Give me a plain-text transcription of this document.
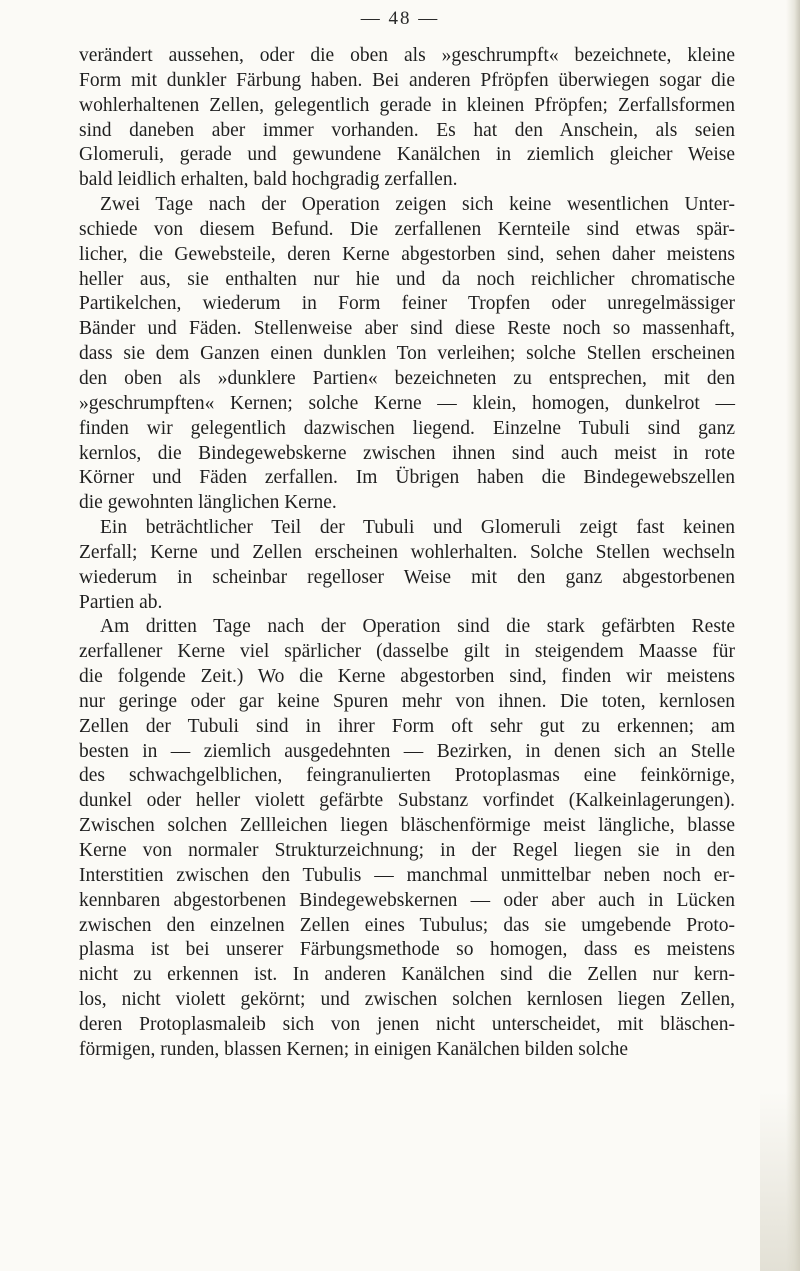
— 48 —
verändert aussehen, oder die oben als »geschrumpft« bezeichnete, kleine
Form mit dunkler Färbung haben. Bei anderen Pfröpfen überwiegen sogar die
wohlerhaltenen Zellen, gelegentlich gerade in kleinen Pfröpfen; Zerfallsformen
sind daneben aber immer vorhanden. Es hat den Anschein, als seien
Glomeruli, gerade und gewundene Kanälchen in ziemlich gleicher Weise
bald leidlich erhalten, bald hochgradig zerfallen.
Zwei Tage nach der Operation zeigen sich keine wesentlichen Unter-
schiede von diesem Befund. Die zerfallenen Kernteile sind etwas spär-
licher, die Gewebsteile, deren Kerne abgestorben sind, sehen daher meistens
heller aus, sie enthalten nur hie und da noch reichlicher chromatische
Partikelchen, wiederum in Form feiner Tropfen oder unregelmässiger
Bänder und Fäden. Stellenweise aber sind diese Reste noch so massenhaft,
dass sie dem Ganzen einen dunklen Ton verleihen; solche Stellen erscheinen
den oben als »dunklere Partien« bezeichneten zu entsprechen, mit den
»geschrumpften« Kernen; solche Kerne — klein, homogen, dunkelrot —
finden wir gelegentlich dazwischen liegend. Einzelne Tubuli sind ganz
kernlos, die Bindegewebskerne zwischen ihnen sind auch meist in rote
Körner und Fäden zerfallen. Im Übrigen haben die Bindegewebszellen
die gewohnten länglichen Kerne.
Ein beträchtlicher Teil der Tubuli und Glomeruli zeigt fast keinen
Zerfall; Kerne und Zellen erscheinen wohlerhalten. Solche Stellen wechseln
wiederum in scheinbar regelloser Weise mit den ganz abgestorbenen
Partien ab.
Am dritten Tage nach der Operation sind die stark gefärbten Reste
zerfallener Kerne viel spärlicher (dasselbe gilt in steigendem Maasse für
die folgende Zeit.) Wo die Kerne abgestorben sind, finden wir meistens
nur geringe oder gar keine Spuren mehr von ihnen. Die toten, kernlosen
Zellen der Tubuli sind in ihrer Form oft sehr gut zu erkennen; am
besten in — ziemlich ausgedehnten — Bezirken, in denen sich an Stelle
des schwachgelblichen, feingranulierten Protoplasmas eine feinkörnige,
dunkel oder heller violett gefärbte Substanz vorfindet (Kalkeinlagerungen).
Zwischen solchen Zellleichen liegen bläschenförmige meist längliche, blasse
Kerne von normaler Strukturzeichnung; in der Regel liegen sie in den
Interstitien zwischen den Tubulis — manchmal unmittelbar neben noch er-
kennbaren abgestorbenen Bindegewebskernen — oder aber auch in Lücken
zwischen den einzelnen Zellen eines Tubulus; das sie umgebende Proto-
plasma ist bei unserer Färbungsmethode so homogen, dass es meistens
nicht zu erkennen ist. In anderen Kanälchen sind die Zellen nur kern-
los, nicht violett gekörnt; und zwischen solchen kernlosen liegen Zellen,
deren Protoplasmaleib sich von jenen nicht unterscheidet, mit bläschen-
förmigen, runden, blassen Kernen; in einigen Kanälchen bilden solche
